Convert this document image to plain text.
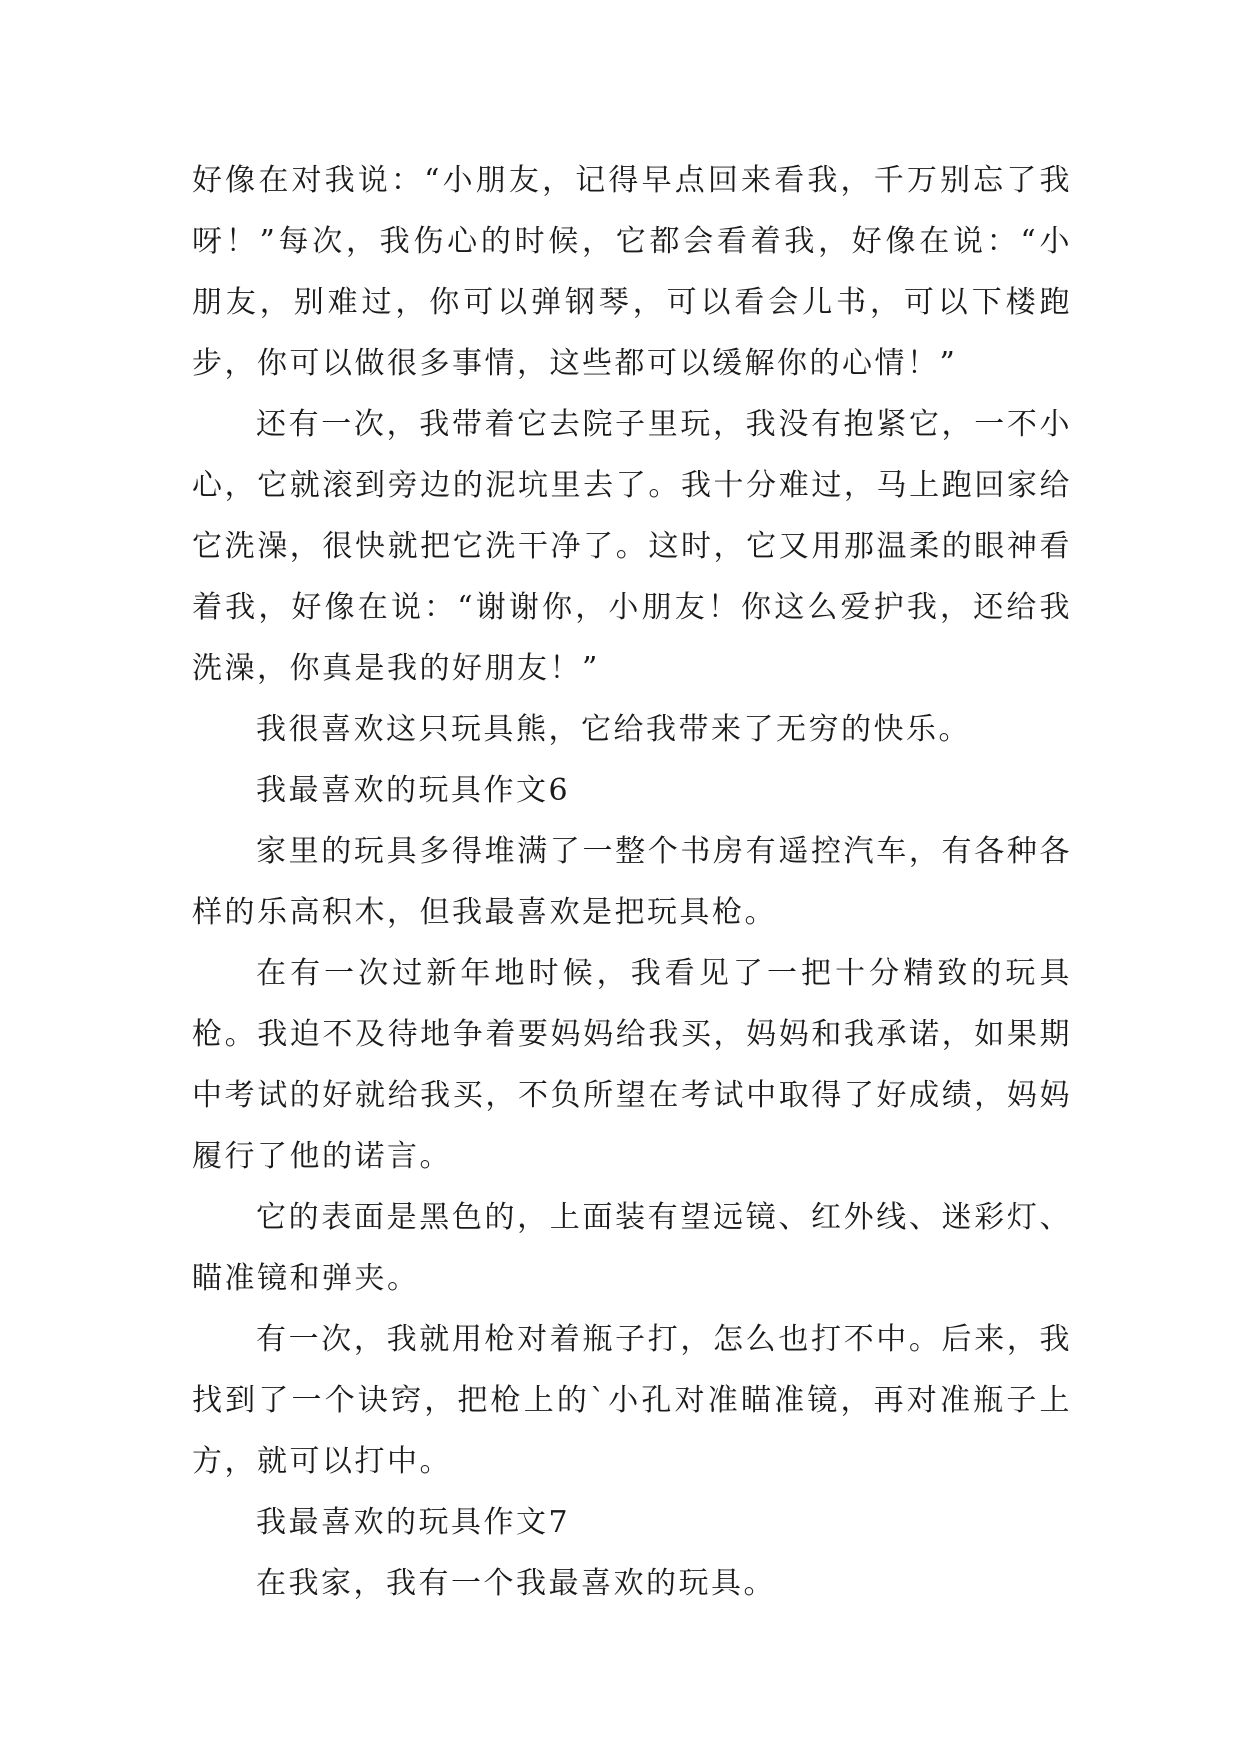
好像在对我说：“小朋友，记得早点回来看我，千万别忘了我呀！”每次，我伤心的时候，它都会看着我，好像在说：“小朋友，别难过，你可以弹钢琴，可以看会儿书，可以下楼跑步，你可以做很多事情，这些都可以缓解你的心情！”

还有一次，我带着它去院子里玩，我没有抱紧它，一不小心，它就滚到旁边的泥坑里去了。我十分难过，马上跑回家给它洗澡，很快就把它洗干净了。这时，它又用那温柔的眼神看着我，好像在说：“谢谢你，小朋友！你这么爱护我，还给我洗澡，你真是我的好朋友！”

我很喜欢这只玩具熊，它给我带来了无穷的快乐。

我最喜欢的玩具作文6

家里的玩具多得堆满了一整个书房有遥控汽车，有各种各样的乐高积木，但我最喜欢是把玩具枪。

在有一次过新年地时候，我看见了一把十分精致的玩具枪。我迫不及待地争着要妈妈给我买，妈妈和我承诺，如果期中考试的好就给我买，不负所望在考试中取得了好成绩，妈妈履行了他的诺言。

它的表面是黑色的，上面装有望远镜、红外线、迷彩灯、瞄准镜和弹夹。

有一次，我就用枪对着瓶子打，怎么也打不中。后来，我找到了一个诀窍，把枪上的`小孔对准瞄准镜，再对准瓶子上方，就可以打中。

我最喜欢的玩具作文7

在我家，我有一个我最喜欢的玩具。
